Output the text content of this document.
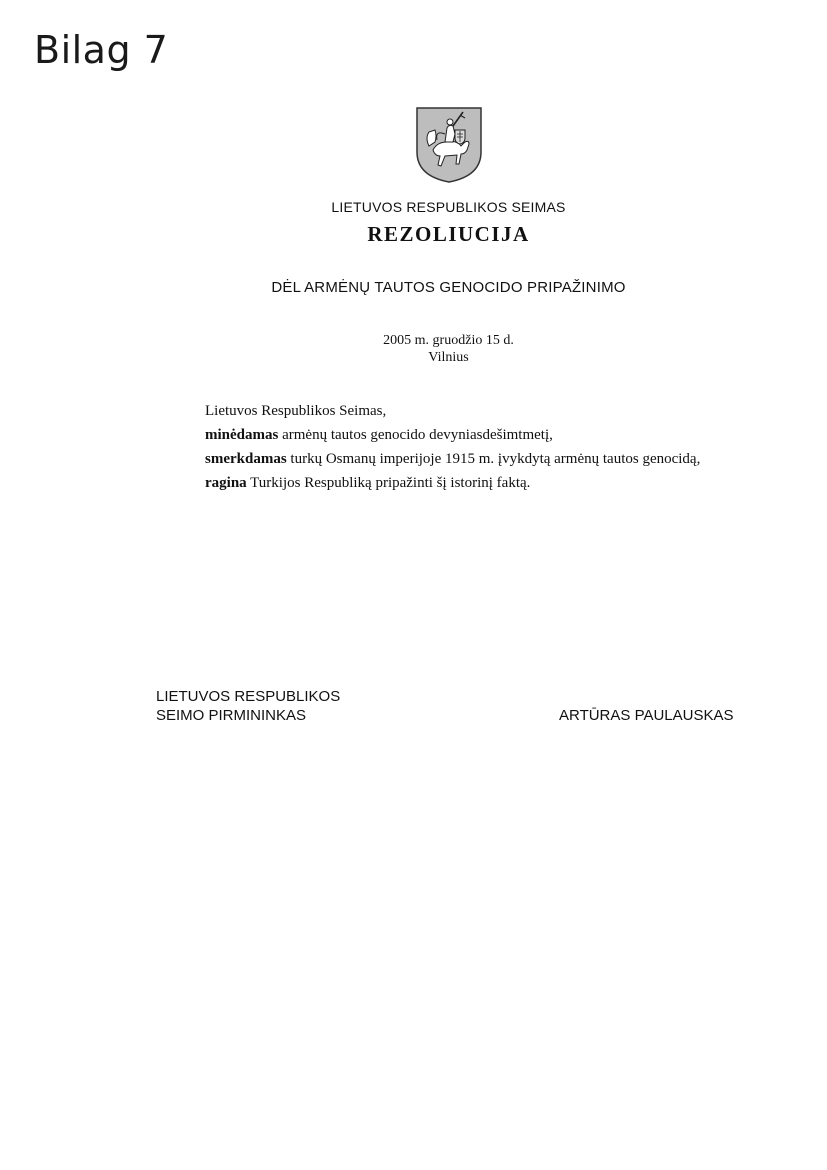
Bilag 7
LIETUVOS RESPUBLIKOS SEIMAS
REZOLIUCIJA
DĖL ARMĖNŲ TAUTOS GENOCIDO PRIPAŽINIMO
2005 m. gruodžio 15 d.
Vilnius

Lietuvos Respublikos Seimas,

minėdamas armėnų tautos genocido devyniasdešimtmetį,

smerkdamas turkų Osmanų imperijoje 1915 m. įvykdytą armėnų tautos genocidą,

ragina Turkijos Respubliką pripažinti šį istorinį faktą.

LIETUVOS RESPUBLIKOS
SEIMO PIRMININKAS	ARTŪRAS PAULAUSKAS
